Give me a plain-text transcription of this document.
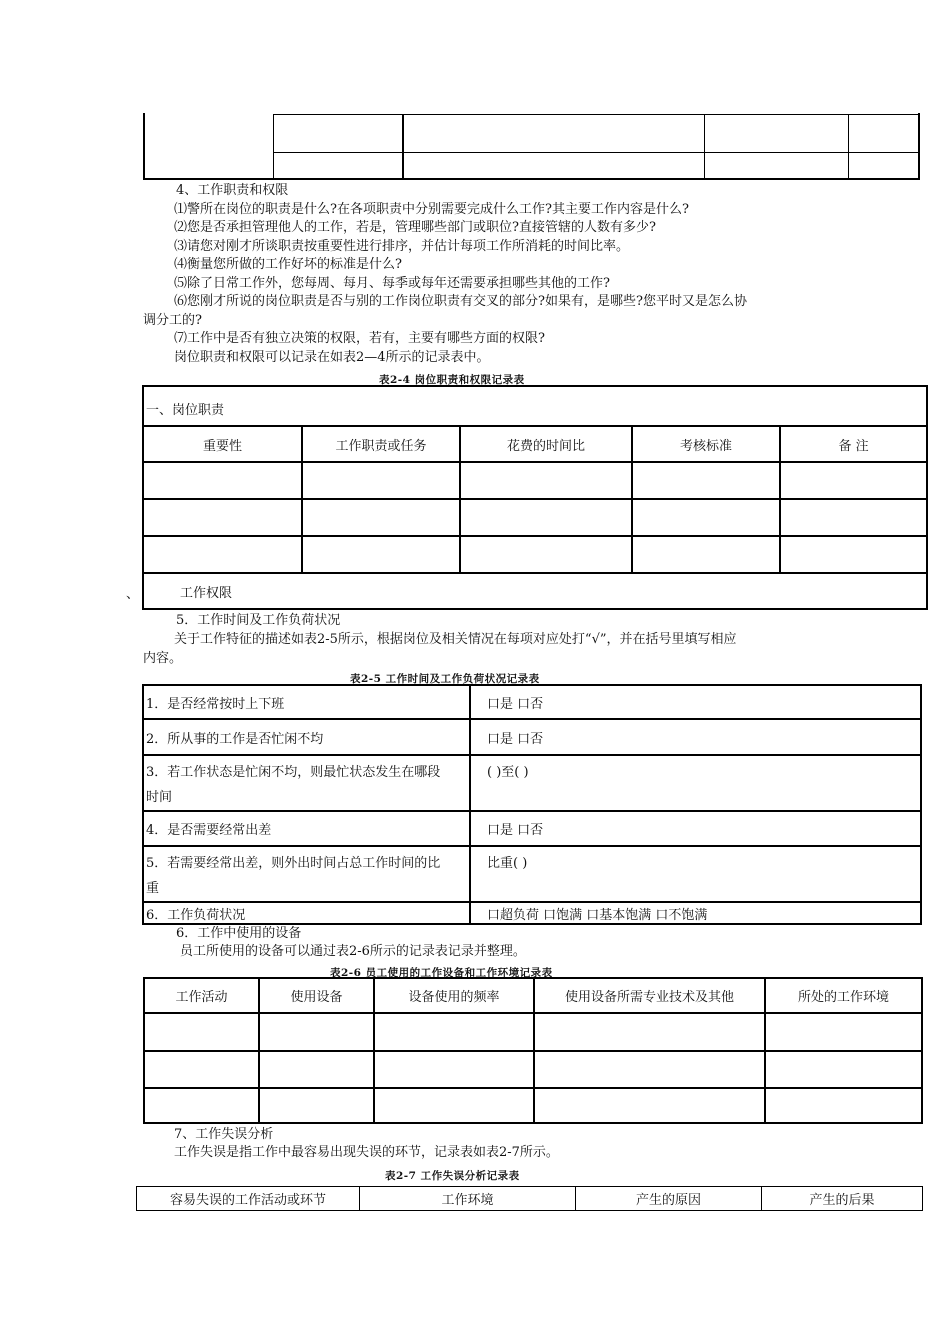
4、工作职责和权限
⑴警所在岗位的职责是什么?在各项职责中分别需要完成什么工作?其主要工作内容是什么?
⑵您是否承担管理他人的工作，若是，管理哪些部门或职位?直接管辖的人数有多少?
⑶请您对刚才所谈职责按重要性进行排序，并估计每项工作所消耗的时间比率。
⑷衡量您所做的工作好坏的标准是什么?
⑸除了日常工作外，您每周、每月、每季或每年还需要承担哪些其他的工作?
⑹您刚才所说的岗位职责是否与别的工作岗位职责有交叉的部分?如果有，是哪些?您平时又是怎么协
调分工的?
⑺工作中是否有独立决策的权限，若有，主要有哪些方面的权限?
岗位职责和权限可以记录在如表2—4所示的记录表中。
表2-4 岗位职责和权限记录表
一、岗位职责				
重要性	工作职责或任务	花费的时间比	考核标准	备 注

工作权限				
、
5．工作时间及工作负荷状况
关于工作特征的描述如表2-5所示，根据岗位及相关情况在每项对应处打“√”，并在括号里填写相应
内容。
表2-5 工作时间及工作负荷状况记录表
1．是否经常按时上下班	口是 口否
2．所从事的工作是否忙闲不均	口是 口否

3．若工作状态是忙闲不均，则最忙状态发生在哪段
时间	( )至( )
4．是否需要经常出差	口是 口否

5．若需要经常出差，则外出时间占总工作时间的比
重	比重( )
6．工作负荷状况	口超负荷 口饱满 口基本饱满 口不饱满
6．工作中使用的设备
员工所使用的设备可以通过表2-6所示的记录表记录并整理。
表2-6 员工使用的工作设备和工作环境记录表
工作活动	使用设备	设备使用的频率	使用设备所需专业技术及其他	所处的工作环境

7、工作失误分析
工作失误是指工作中最容易出现失误的环节，记录表如表2-7所示。
表2-7 工作失误分析记录表
容易失误的工作活动或环节	工作环境	产生的原因	产生的后果
